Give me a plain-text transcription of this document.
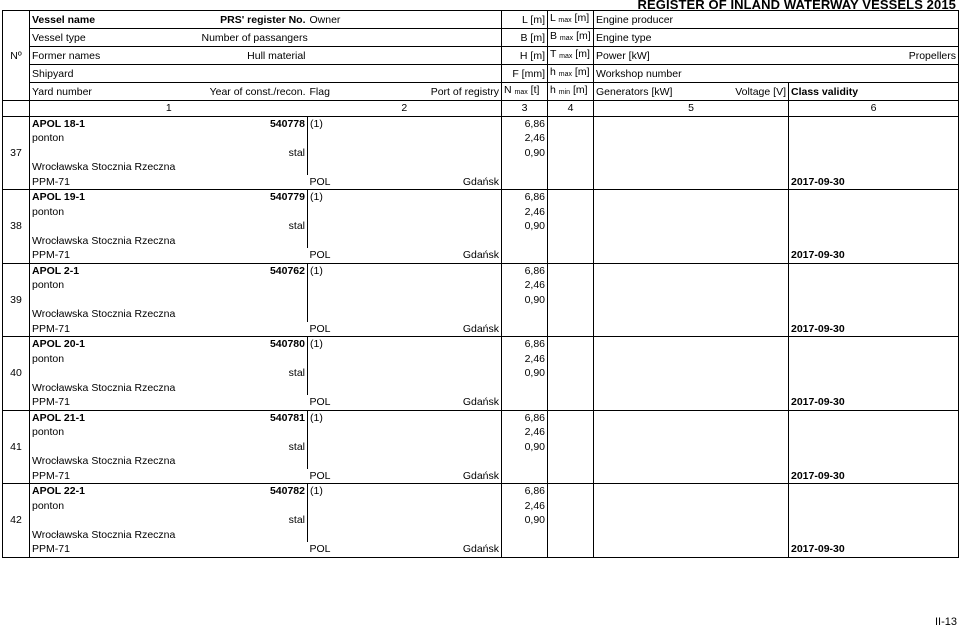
REGISTER OF INLAND WATERWAY VESSELS 2015
Nº	Vessel name	PRS' register No.	Owner		L [m]	L $_{max}$ [m]	Engine producer		
	Vessel type	Number of passangers			B [m]	B $_{max}$ [m]	Engine type		
	Former names	Hull material			H [m]	T $_{max}$ [m]	Power [kW]		Propellers	
	Shipyard				F [mm]	h $_{max}$ [m]	Workshop number			
	Yard number	Year of const./recon.	Flag	Port of registry	N $_{max}$ [t]	h $_{min}$ [m]	Generators [kW]	Voltage [V]	Class validity	
	1		2		3	4	5		6	
37	APOL 18-1	540778	(1)		6,86				
	ponton				2,46					
		stal			0,90					
	Wrocławska Stocznia Rzeczna									
	PPM-71		POL	Gdańsk					2017-09-30	
38	APOL 19-1	540779	(1)		6,86				
	ponton				2,46					
		stal			0,90					
	Wrocławska Stocznia Rzeczna									
	PPM-71		POL	Gdańsk					2017-09-30	
39	APOL 2-1	540762	(1)		6,86				
	ponton				2,46					
					0,90					
	Wrocławska Stocznia Rzeczna									
	PPM-71		POL	Gdańsk					2017-09-30	
40	APOL 20-1	540780	(1)		6,86				
	ponton				2,46					
		stal			0,90					
	Wrocławska Stocznia Rzeczna									
	PPM-71		POL	Gdańsk					2017-09-30	
41	APOL 21-1	540781	(1)		6,86				
	ponton				2,46					
		stal			0,90					
	Wrocławska Stocznia Rzeczna									
	PPM-71		POL	Gdańsk					2017-09-30	
42	APOL 22-1	540782	(1)		6,86				
	ponton				2,46					
		stal			0,90					
	Wrocławska Stocznia Rzeczna									
	PPM-71		POL	Gdańsk					2017-09-30	
II-13
